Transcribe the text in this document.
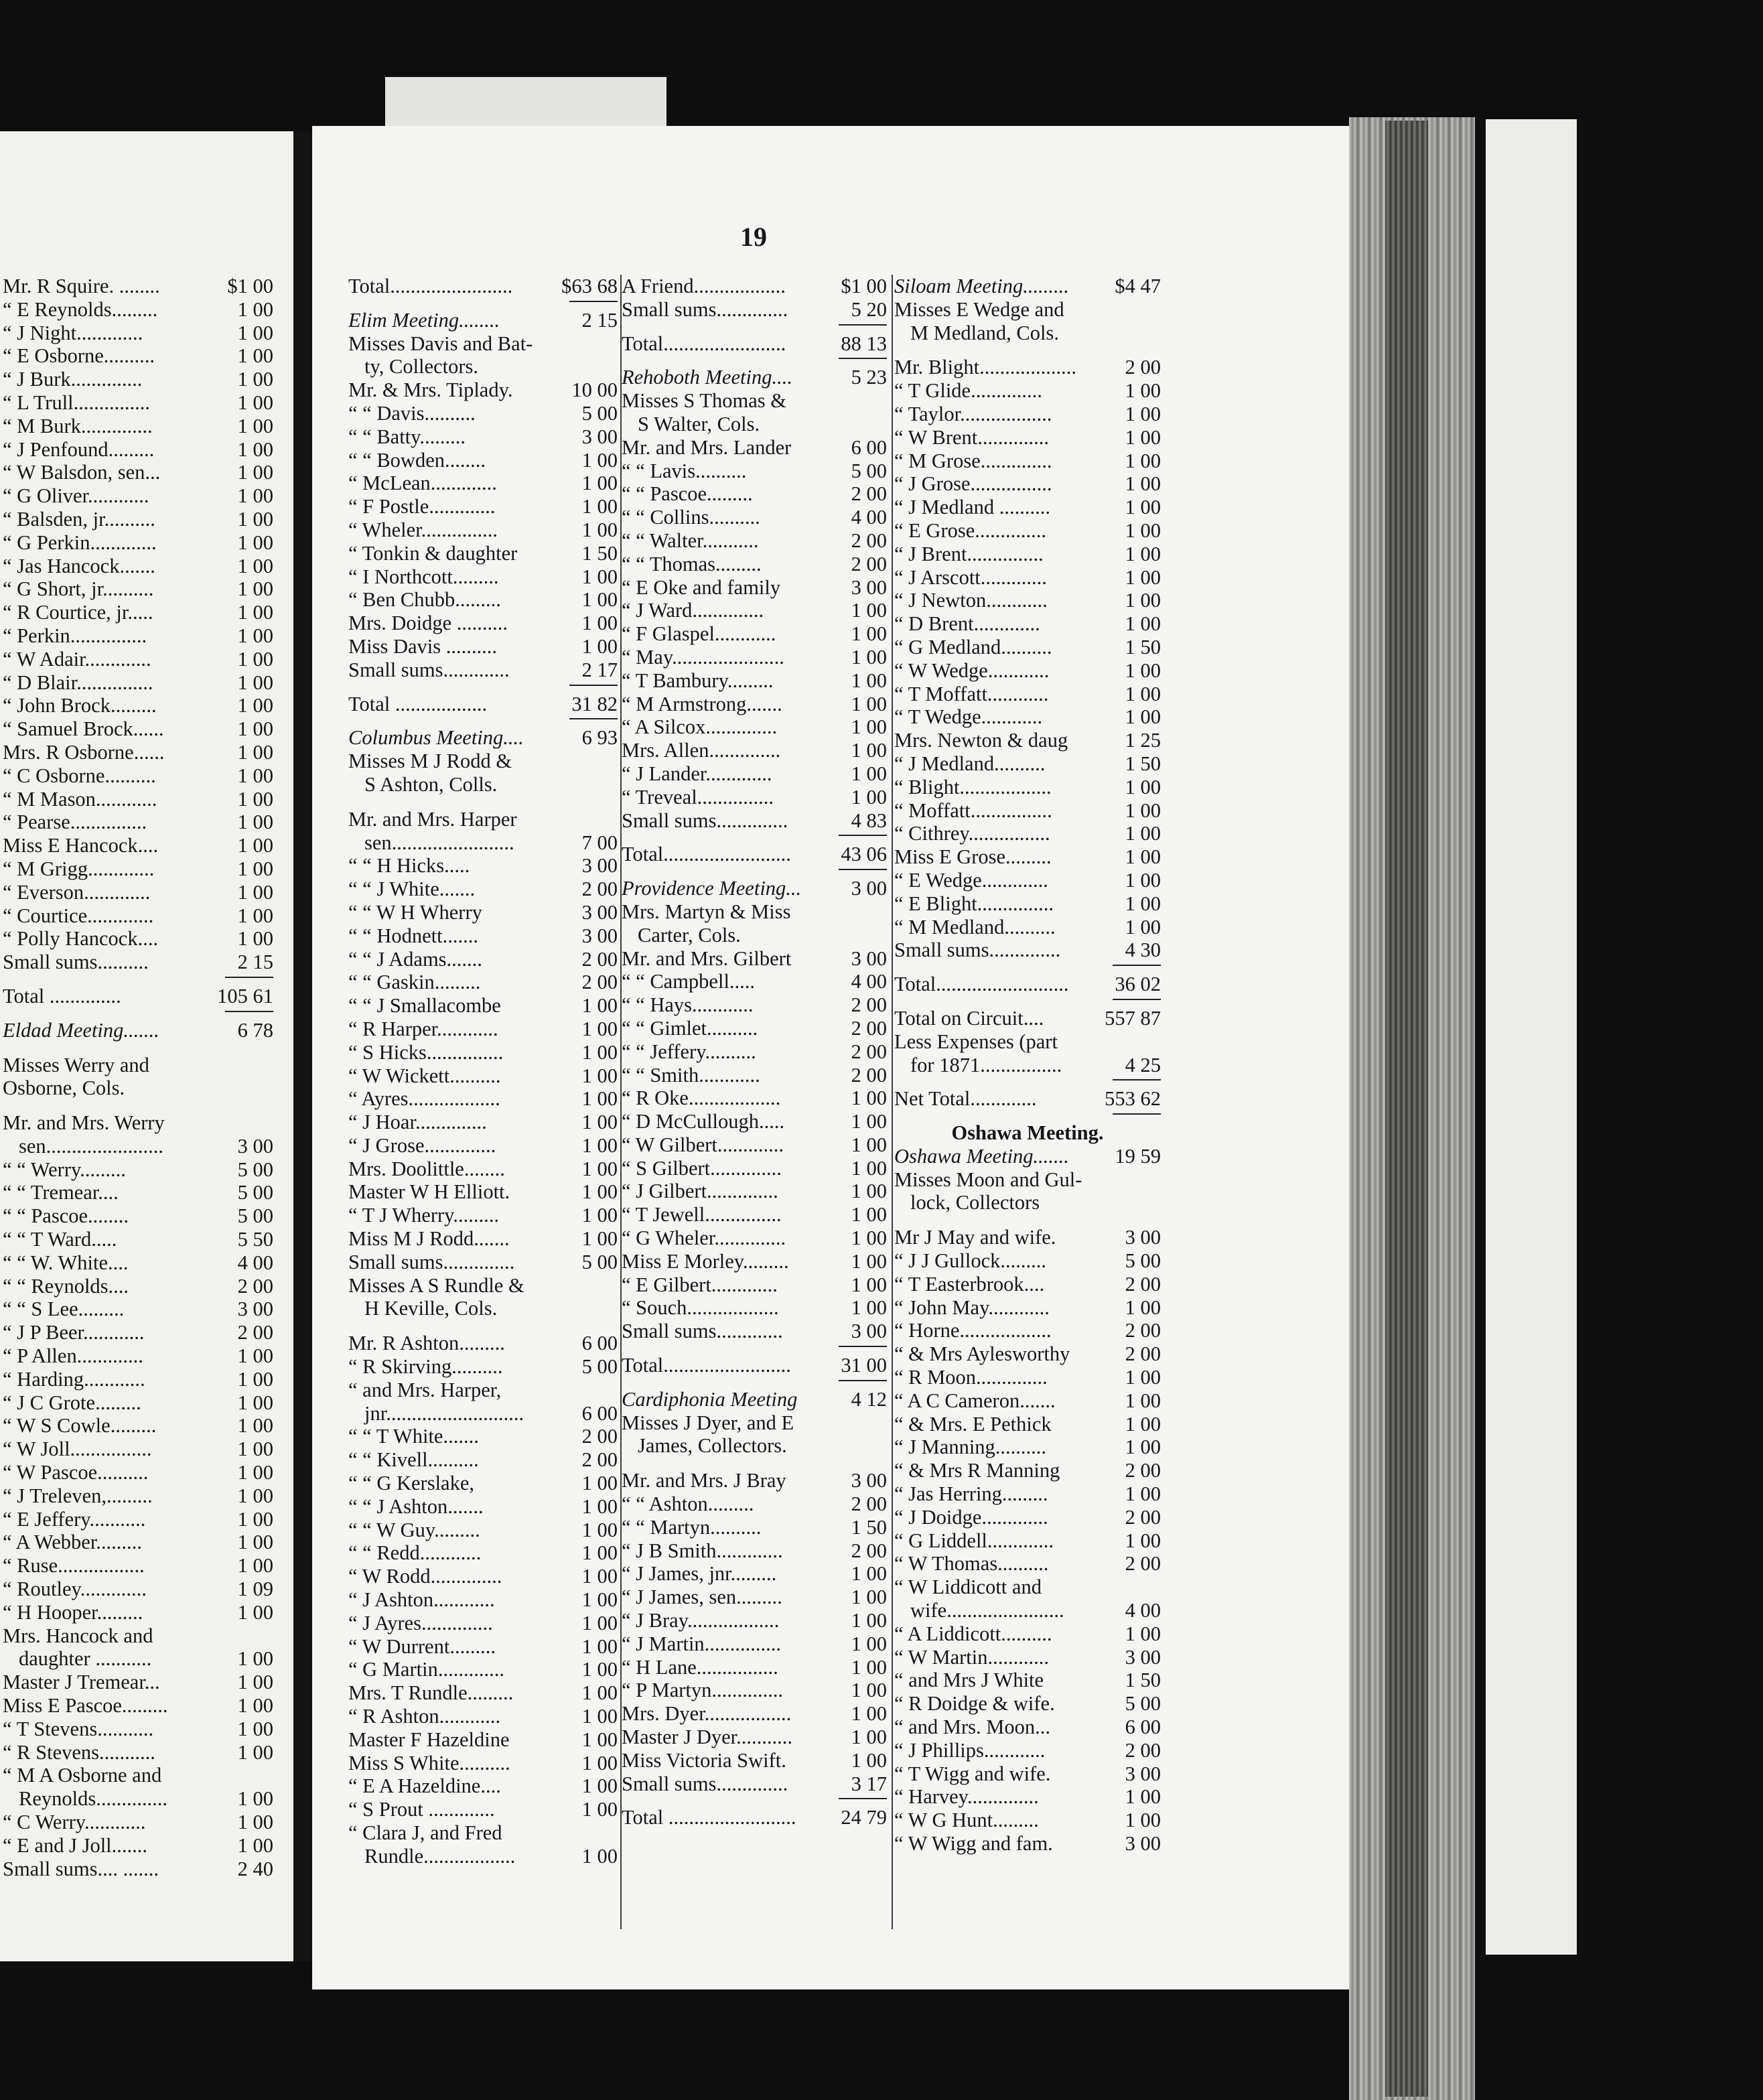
19
Mr. R Squire. ........	$1 00
“ E Reynolds.........	1 00
“ J Night.............	1 00
“ E Osborne..........	1 00
“ J Burk..............	1 00
“ L Trull...............	1 00
“ M Burk..............	1 00
“ J Penfound.........	1 00
“ W Balsdon, sen...	1 00
“ G Oliver............	1 00
“ Balsden, jr..........	1 00
“ G Perkin.............	1 00
“ Jas Hancock.......	1 00
“ G Short, jr..........	1 00
“ R Courtice, jr.....	1 00
“ Perkin...............	1 00
“ W Adair.............	1 00
“ D Blair...............	1 00
“ John Brock.........	1 00
“ Samuel Brock......	1 00
Mrs. R Osborne......	1 00
“ C Osborne..........	1 00
“ M Mason............	1 00
“ Pearse...............	1 00
Miss E Hancock....	1 00
“ M Grigg.............	1 00
“ Everson.............	1 00
“ Courtice.............	1 00
“ Polly Hancock....	1 00
Small sums..........	2 15
Total ..............	105 61
Eldad Meeting.......	6 78
Misses Werry and
Osborne, Cols.
Mr. and Mrs. Werry
sen.......................	3 00
“ “ Werry.........	5 00
“ “ Tremear....	5 00
“ “ Pascoe........	5 00
“ “ T Ward.....	5 50
“ “ W. White....	4 00
“ “ Reynolds....	2 00
“ “ S Lee.........	3 00
“ J P Beer............	2 00
“ P Allen.............	1 00
“ Harding............	1 00
“ J C Grote.........	1 00
“ W S Cowle.........	1 00
“ W Joll................	1 00
“ W Pascoe..........	1 00
“ J Treleven,.........	1 00
“ E Jeffery...........	1 00
“ A Webber.........	1 00
“ Ruse.................	1 00
“ Routley.............	1 09
“ H Hooper.........	1 00
Mrs. Hancock and
daughter ...........	1 00
Master J Tremear...	1 00
Miss E Pascoe.........	1 00
“ T Stevens...........	1 00
“ R Stevens...........	1 00
“ M A Osborne and
Reynolds..............	1 00
“ C Werry............	1 00
“ E and J Joll.......	1 00
Small sums.... .......	2 40
Total........................	$63 68
Elim Meeting........	2 15
Misses Davis and Bat-
ty, Collectors.
Mr. & Mrs. Tiplady.	10 00
“ “ Davis..........	5 00
“ “ Batty.........	3 00
“ “ Bowden........	1 00
“ McLean.............	1 00
“ F Postle.............	1 00
“ Wheler...............	1 00
“ Tonkin & daughter	1 50
“ I Northcott.........	1 00
“ Ben Chubb.........	1 00
Mrs. Doidge ..........	1 00
Miss Davis ..........	1 00
Small sums.............	2 17
Total ..................	31 82
Columbus Meeting....	6 93
Misses M J Rodd &
S Ashton, Colls.
Mr. and Mrs. Harper
sen........................	7 00
“ “ H Hicks.....	3 00
“ “ J White.......	2 00
“ “ W H Wherry	3 00
“ “ Hodnett.......	3 00
“ “ J Adams.......	2 00
“ “ Gaskin.........	2 00
“ “ J Smallacombe	1 00
“ R Harper............	1 00
“ S Hicks...............	1 00
“ W Wickett..........	1 00
“ Ayres..................	1 00
“ J Hoar..............	1 00
“ J Grose..............	1 00
Mrs. Doolittle........	1 00
Master W H Elliott.	1 00
“ T J Wherry.........	1 00
Miss M J Rodd.......	1 00
Small sums..............	5 00
Misses A S Rundle &
H Keville, Cols.
Mr. R Ashton.........	6 00
“ R Skirving..........	5 00
“ and Mrs. Harper,
jnr...........................	6 00
“ “ T White.......	2 00
“ “ Kivell..........	2 00
“ “ G Kerslake,	1 00
“ “ J Ashton.......	1 00
“ “ W Guy.........	1 00
“ “ Redd............	1 00
“ W Rodd..............	1 00
“ J Ashton............	1 00
“ J Ayres..............	1 00
“ W Durrent.........	1 00
“ G Martin.............	1 00
Mrs. T Rundle.........	1 00
“ R Ashton............	1 00
Master F Hazeldine	1 00
Miss S White..........	1 00
“ E A Hazeldine....	1 00
“ S Prout .............	1 00
“ Clara J, and Fred
Rundle..................	1 00
A Friend..................	$1 00
Small sums..............	5 20
Total........................	88 13
Rehoboth Meeting....	5 23
Misses S Thomas &
S Walter, Cols.
Mr. and Mrs. Lander	6 00
“ “ Lavis..........	5 00
“ “ Pascoe.........	2 00
“ “ Collins..........	4 00
“ “ Walter...........	2 00
“ “ Thomas.........	2 00
“ E Oke and family	3 00
“ J Ward..............	1 00
“ F Glaspel............	1 00
“ May......................	1 00
“ T Bambury.........	1 00
“ M Armstrong.......	1 00
“ A Silcox..............	1 00
Mrs. Allen..............	1 00
“ J Lander.............	1 00
“ Treveal...............	1 00
Small sums..............	4 83
Total.........................	43 06
Providence Meeting...	3 00
Mrs. Martyn & Miss
Carter, Cols.
Mr. and Mrs. Gilbert	3 00
“ “ Campbell.....	4 00
“ “ Hays............	2 00
“ “ Gimlet..........	2 00
“ “ Jeffery..........	2 00
“ “ Smith............	2 00
“ R Oke..................	1 00
“ D McCullough.....	1 00
“ W Gilbert.............	1 00
“ S Gilbert..............	1 00
“ J Gilbert..............	1 00
“ T Jewell...............	1 00
“ G Wheler..............	1 00
Miss E Morley.........	1 00
“ E Gilbert.............	1 00
“ Souch..................	1 00
Small sums.............	3 00
Total.........................	31 00
Cardiphonia Meeting	4 12
Misses J Dyer, and E
James, Collectors.
Mr. and Mrs. J Bray	3 00
“ “ Ashton.........	2 00
“ “ Martyn..........	1 50
“ J B Smith.............	2 00
“ J James, jnr.........	1 00
“ J James, sen.........	1 00
“ J Bray..................	1 00
“ J Martin...............	1 00
“ H Lane................	1 00
“ P Martyn..............	1 00
Mrs. Dyer.................	1 00
Master J Dyer...........	1 00
Miss Victoria Swift.	1 00
Small sums..............	3 17
Total .........................	24 79
Siloam Meeting.........	$4 47
Misses E Wedge and
M Medland, Cols.
Mr. Blight...................	2 00
“ T Glide..............	1 00
“ Taylor..................	1 00
“ W Brent..............	1 00
“ M Grose..............	1 00
“ J Grose................	1 00
“ J Medland ..........	1 00
“ E Grose..............	1 00
“ J Brent...............	1 00
“ J Arscott.............	1 00
“ J Newton............	1 00
“ D Brent.............	1 00
“ G Medland..........	1 50
“ W Wedge............	1 00
“ T Moffatt............	1 00
“ T Wedge............	1 00
Mrs. Newton & daug	1 25
“ J Medland..........	1 50
“ Blight..................	1 00
“ Moffatt................	1 00
“ Cithrey................	1 00
Miss E Grose.........	1 00
“ E Wedge.............	1 00
“ E Blight...............	1 00
“ M Medland..........	1 00
Small sums..............	4 30
Total..........................	36 02
Total on Circuit....	557 87
Less Expenses (part
for 1871................	4 25
Net Total.............	553 62
Oshawa Meeting.
Oshawa Meeting.......	19 59
Misses Moon and Gul-
lock, Collectors
Mr J May and wife.	3 00
“ J J Gullock.........	5 00
“ T Easterbrook....	2 00
“ John May............	1 00
“ Horne..................	2 00
“ & Mrs Aylesworthy	2 00
“ R Moon..............	1 00
“ A C Cameron.......	1 00
“ & Mrs. E Pethick	1 00
“ J Manning..........	1 00
“ & Mrs R Manning	2 00
“ Jas Herring.........	1 00
“ J Doidge.............	2 00
“ G Liddell.............	1 00
“ W Thomas..........	2 00
“ W Liddicott and
wife.......................	4 00
“ A Liddicott..........	1 00
“ W Martin............	3 00
“ and Mrs J White	1 50
“ R Doidge & wife.	5 00
“ and Mrs. Moon...	6 00
“ J Phillips............	2 00
“ T Wigg and wife.	3 00
“ Harvey..............	1 00
“ W G Hunt.........	1 00
“ W Wigg and fam.	3 00
